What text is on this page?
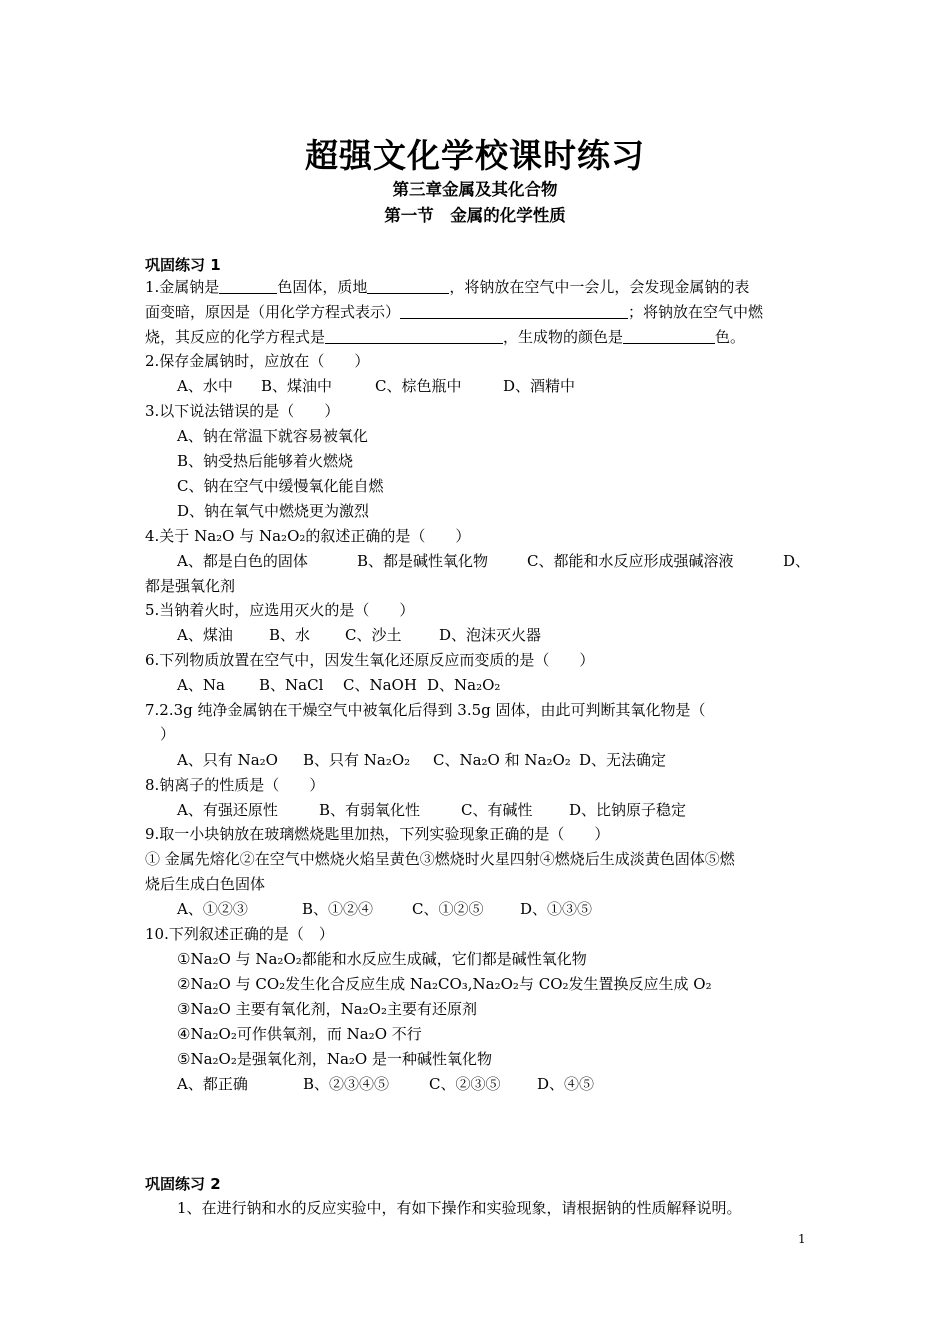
超强文化学校课时练习
第三章金属及其化合物
第一节　金属的化学性质
巩固练习 1
1.金属钠是	色固体，质地	，将钠放在空气中一会儿，会发现金属钠的表
面变暗，原因是（用化学方程式表示）	；将钠放在空气中燃
烧，其反应的化学方程式是	，生成物的颜色是	色。
2.保存金属钠时，应放在（　　）
A、水中 B、煤油中	C、棕色瓶中	D、酒精中
3.以下说法错误的是（　　）
A、钠在常温下就容易被氧化
B、钠受热后能够着火燃烧
C、钠在空气中缓慢氧化能自燃
D、钠在氧气中燃烧更为激烈
4.关于 Na₂O 与 Na₂O₂的叙述正确的是（　　）
A、都是白色的固体	B、都是碱性氧化物	C、都能和水反应形成强碱溶液	D、
都是强氧化剂
5.当钠着火时，应选用灭火的是（　　）
A、煤油 B、水 C、沙土	D、泡沫灭火器
6.下列物质放置在空气中，因发生氧化还原反应而变质的是（　　）
A、Na B、NaCl C、NaOH D、Na₂O₂
7.2.3g 纯净金属钠在干燥空气中被氧化后得到 3.5g 固体，由此可判断其氧化物是（
）
A、只有 Na₂O B、只有 Na₂O₂ C、Na₂O 和 Na₂O₂ D、无法确定
8.钠离子的性质是（　　）
A、有强还原性	B、有弱氧化性	C、有碱性 D、比钠原子稳定
9.取一小块钠放在玻璃燃烧匙里加热，下列实验现象正确的是（　　）
① 金属先熔化②在空气中燃烧火焰呈黄色③燃烧时火星四射④燃烧后生成淡黄色固体⑤燃
烧后生成白色固体
A、①②③	B、①②④	C、①②⑤ D、①③⑤
10.下列叙述正确的是（　）
①Na₂O 与 Na₂O₂都能和水反应生成碱，它们都是碱性氧化物
②Na₂O 与 CO₂发生化合反应生成 Na₂CO₃,Na₂O₂与 CO₂发生置换反应生成 O₂
③Na₂O 主要有氧化剂，Na₂O₂主要有还原剂
④Na₂O₂可作供氧剂，而 Na₂O 不行
⑤Na₂O₂是强氧化剂，Na₂O 是一种碱性氧化物
A、都正确	B、②③④⑤	C、②③⑤ D、④⑤
巩固练习 2
1、在进行钠和水的反应实验中，有如下操作和实验现象，请根据钠的性质解释说明。
1
